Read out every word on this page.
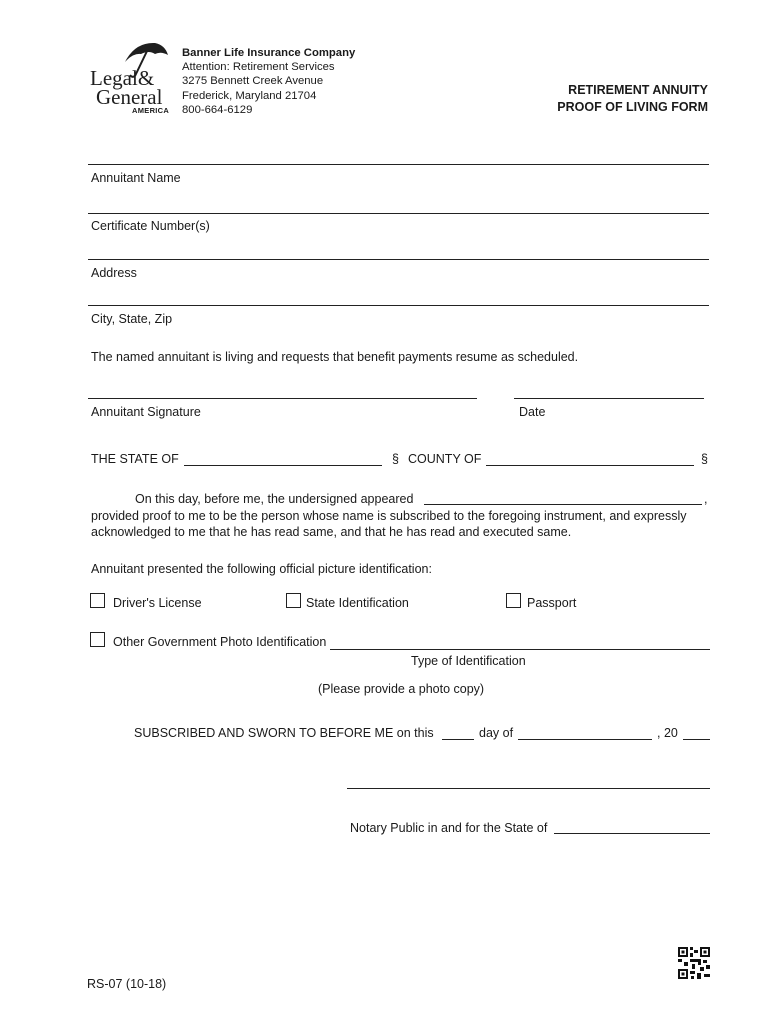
Legal&
General
AMERICA
Banner Life Insurance Company
Attention: Retirement Services
3275 Bennett Creek Avenue
Frederick, Maryland 21704
800-664-6129
RETIREMENT ANNUITY
PROOF OF LIVING FORM
Annuitant Name
Certificate Number(s)
Address
City, State, Zip
The named annuitant is living and requests that benefit payments resume as scheduled.
Annuitant Signature	Date
THE STATE OF	§ COUNTY OF	§
On this day, before me, the undersigned appeared	,
provided proof to me to be the person whose name is subscribed to the foregoing instrument, and expressly
acknowledged to me that he has read same, and that he has read and executed same.
Annuitant presented the following official picture identification:
Driver's License	State Identification	Passport
Other Government Photo Identification
Type of Identification
(Please provide a photo copy)
SUBSCRIBED AND SWORN TO BEFORE ME on this	day of	, 20
Notary Public in and for the State of
RS-07 (10-18)
